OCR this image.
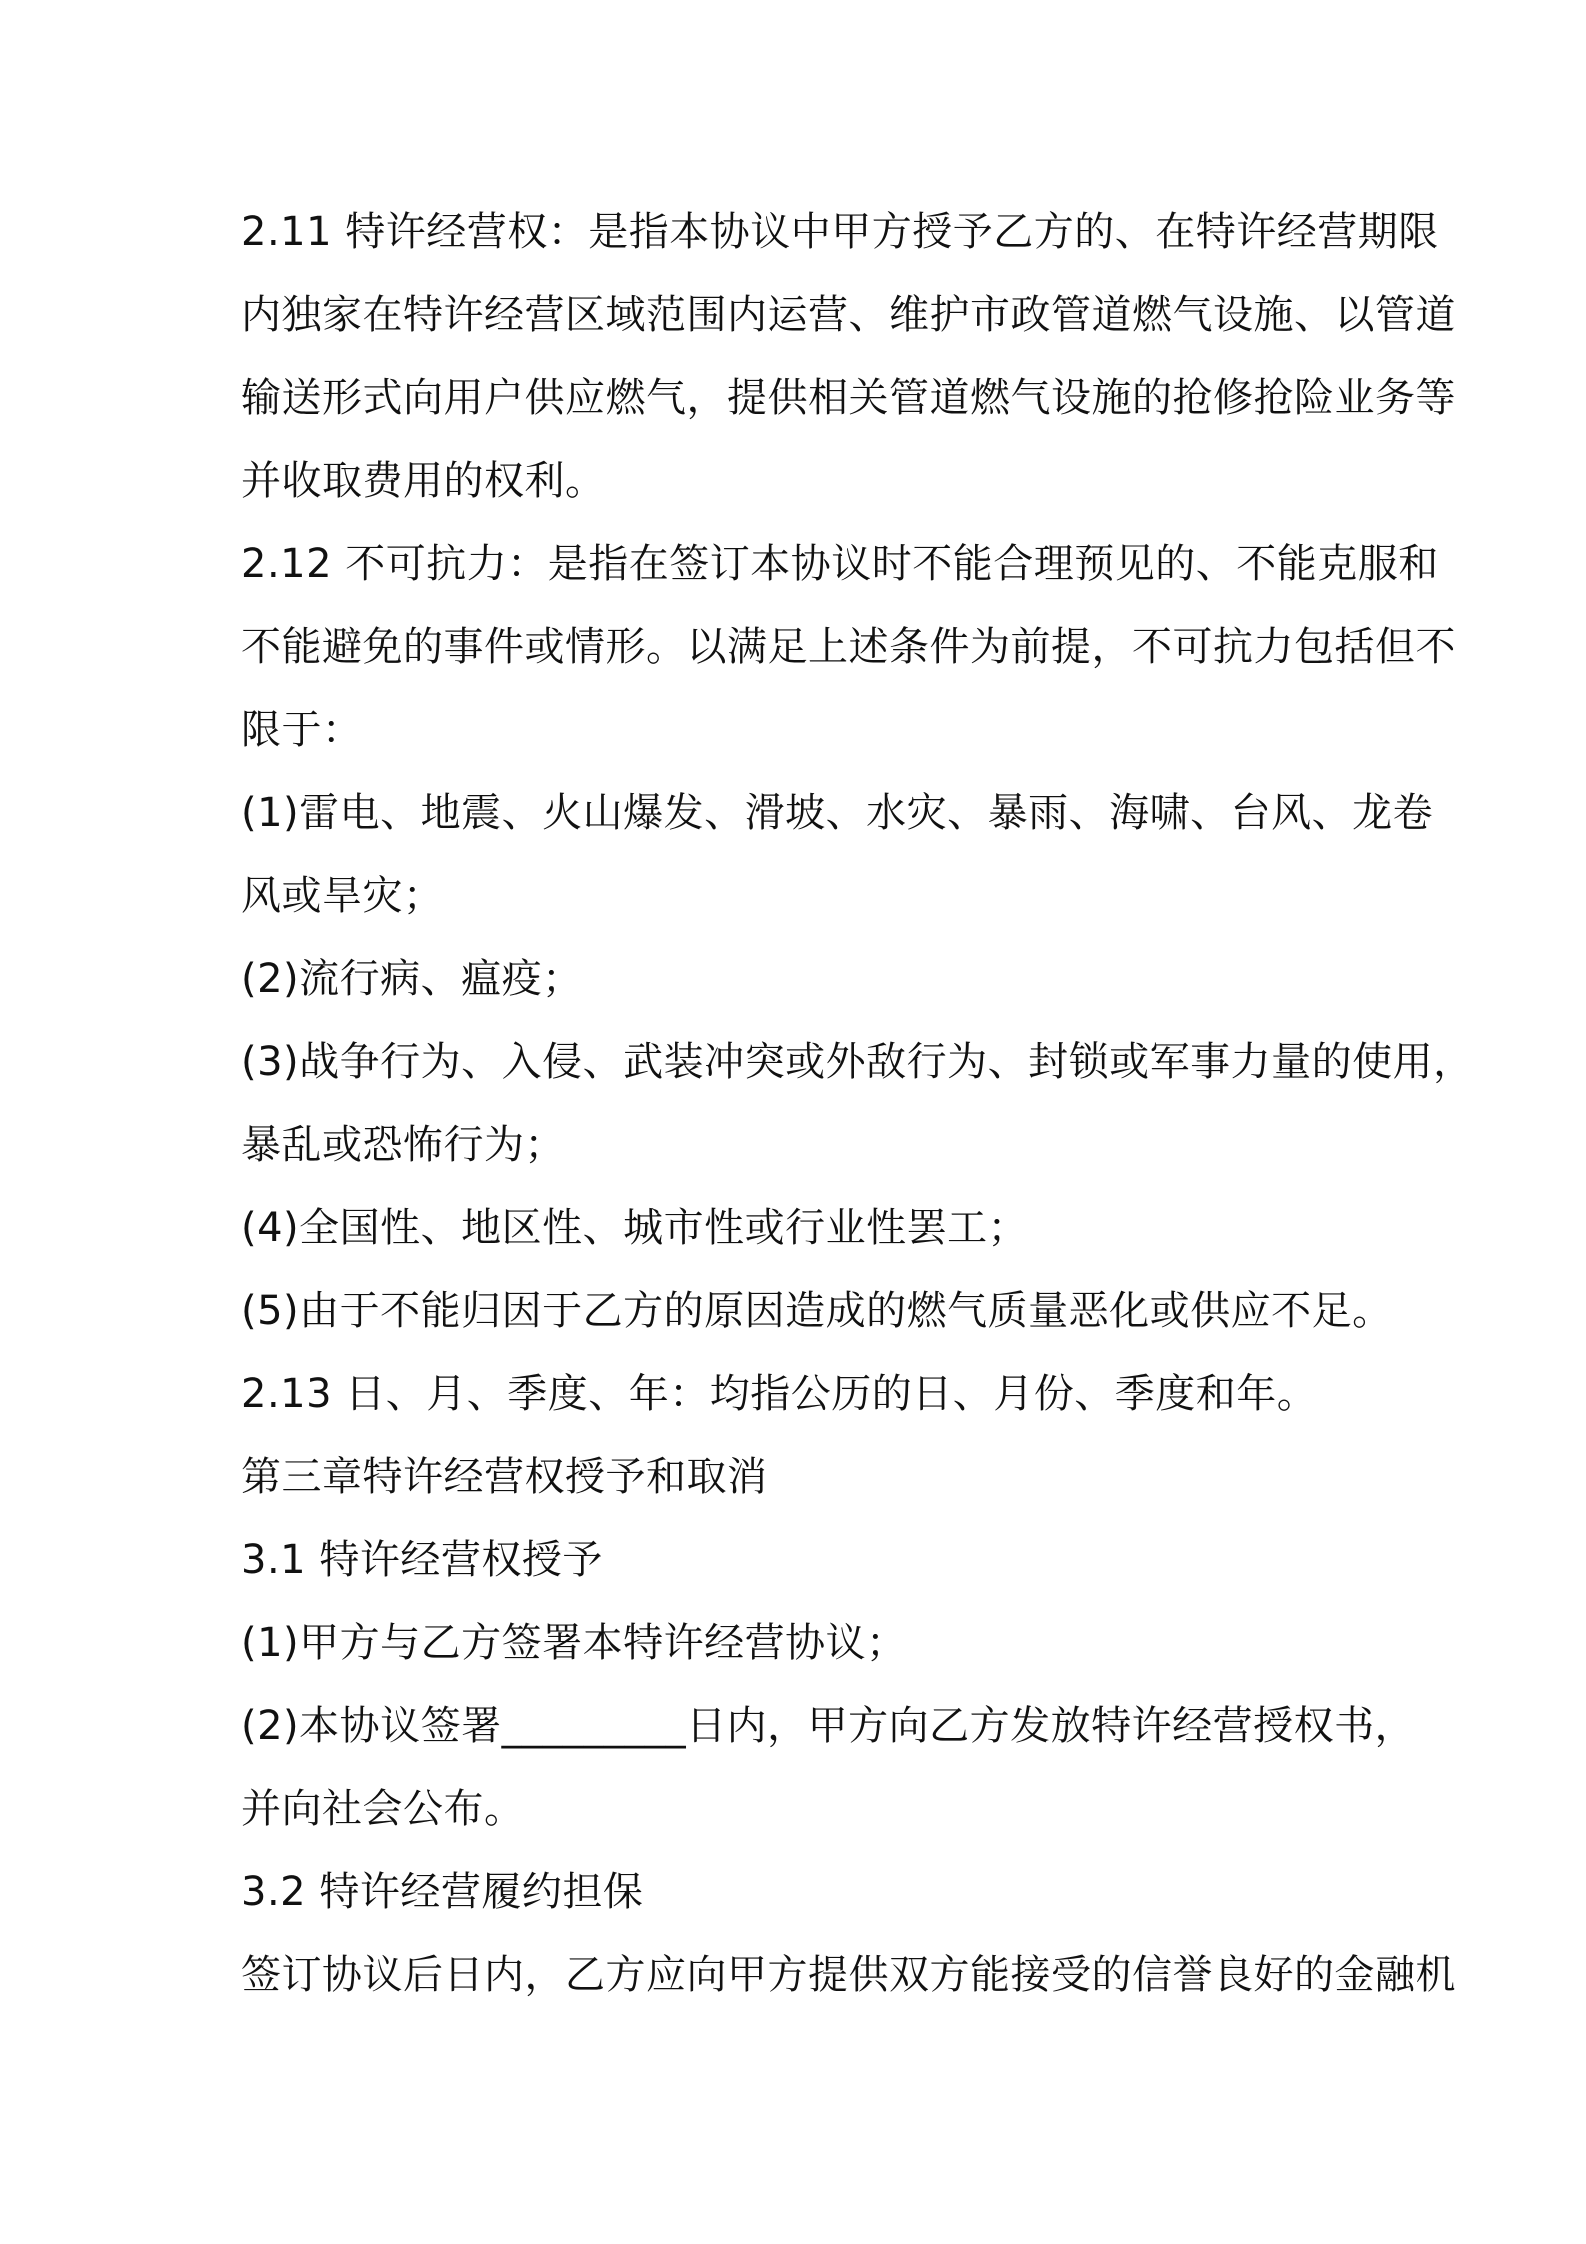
2.11 特许经营权：是指本协议中甲方授予乙方的、在特许经营期限
内独家在特许经营区域范围内运营、维护市政管道燃气设施、以管道
输送形式向用户供应燃气，提供相关管道燃气设施的抢修抢险业务等
并收取费用的权利。
2.12 不可抗力：是指在签订本协议时不能合理预见的、不能克服和
不能避免的事件或情形。以满足上述条件为前提，不可抗力包括但不
限于：
(1)雷电、地震、火山爆发、滑坡、水灾、暴雨、海啸、台风、龙卷
风或旱灾；
(2)流行病、瘟疫；
(3)战争行为、入侵、武装冲突或外敌行为、封锁或军事力量的使用，
暴乱或恐怖行为；
(4)全国性、地区性、城市性或行业性罢工；
(5)由于不能归因于乙方的原因造成的燃气质量恶化或供应不足。
2.13 日、月、季度、年：均指公历的日、月份、季度和年。
第三章特许经营权授予和取消
3.1 特许经营权授予
(1)甲方与乙方签署本特许经营协议；
(2)本协议签署_________日内，甲方向乙方发放特许经营授权书，
并向社会公布。
3.2 特许经营履约担保
签订协议后日内，乙方应向甲方提供双方能接受的信誉良好的金融机
